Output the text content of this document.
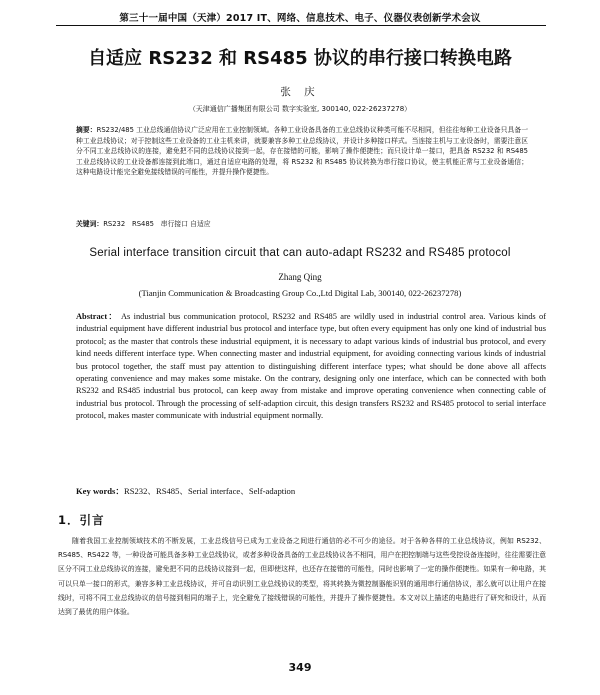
第三十一届中国（天津）2017 IT、网络、信息技术、电子、仪器仪表创新学术会议
自适应 RS232 和 RS485 协议的串行接口转换电路
张 庆
（天津通信广播集团有限公司 数字实验室, 300140, 022-26237278）
摘要：RS232/485 工业总线通信协议广泛应用在工业控制领域。各种工业设备具备的工业总线协议种类可能不尽相同，但往往每种工业设备只具备一种工业总线协议；对于控制这些工业设备的工业主机来讲，就要兼容多种工业总线协议，并设计多种接口样式。当连接主机与工业设备时，需要注意区分不同工业总线协议的连接，避免把不同的总线协议接到一起，存在接错的可能，影响了操作便捷性；而只设计单一接口，把具备 RS232 和 RS485 工业总线协议的工业设备都连接到此端口，通过自适应电路的处理，将 RS232 和 RS485 协议转换为串行接口协议，使主机能正常与工业设备通信；这种电路设计能完全避免接线错误的可能性，并提升操作便捷性。
关键词：RS232　RS485　串行接口 自适应
Serial interface transition circuit that can auto-adapt RS232 and RS485 protocol
Zhang Qing
(Tianjin Communication & Broadcasting Group Co.,Ltd Digital Lab, 300140, 022-26237278)
Abstract： As industrial bus communication protocol, RS232 and RS485 are wildly used in industrial control area. Various kinds of industrial equipment have different industrial bus protocol and interface type, but often every equipment has only one kind of industrial bus protocol; as the master that controls these industrial equipment, it is necessary to adapt various kinds of industrial bus protocol, and every kind needs different interface type. When connecting master and industrial equipment, for avoiding connecting various kinds of industrial bus protocol together, the staff must pay attention to distinguishing different interface types; what should be done above all affects operating convenience and may makes some mistake. On the contrary, designing only one interface, which can be connected with both RS232 and RS485 industrial bus protocol, can keep away from mistake and improve operating convenience when connecting cable of industrial bus protocol. Through the processing of self-adaption circuit, this design transfers RS232 and RS485 protocol to serial interface protocol, makes master communicate with industrial equipment normally.
Key words：RS232、RS485、Serial interface、Self-adaption
1．引言
随着我国工业控制领域技术的不断发展，工业总线信号已成为工业设备之间进行通信的必不可少的途径。对于各种各样的工业总线协议，例如 RS232、RS485、RS422 等，一种设备可能具备多种工业总线协议，或者多种设备具备的工业总线协议各不相同，用户在把控制端与这些受控设备连接时，往往需要注意区分不同工业总线协议的连接，避免把不同的总线协议接到一起，但即使这样，也还存在接错的可能性，同时也影响了一定的操作便捷性。如果有一种电路，其可以只单一接口的形式，兼容多种工业总线协议，并可自动识别工业总线协议的类型，将其转换为微控制器能识别的通用串行通信协议，那么就可以让用户在接线时，可将不同工业总线协议的信号接到相同的端子上，完全避免了接线错误的可能性，并提升了操作便捷性。本文对以上描述的电路进行了研究和设计，从而达到了最优的用户体验。
349
